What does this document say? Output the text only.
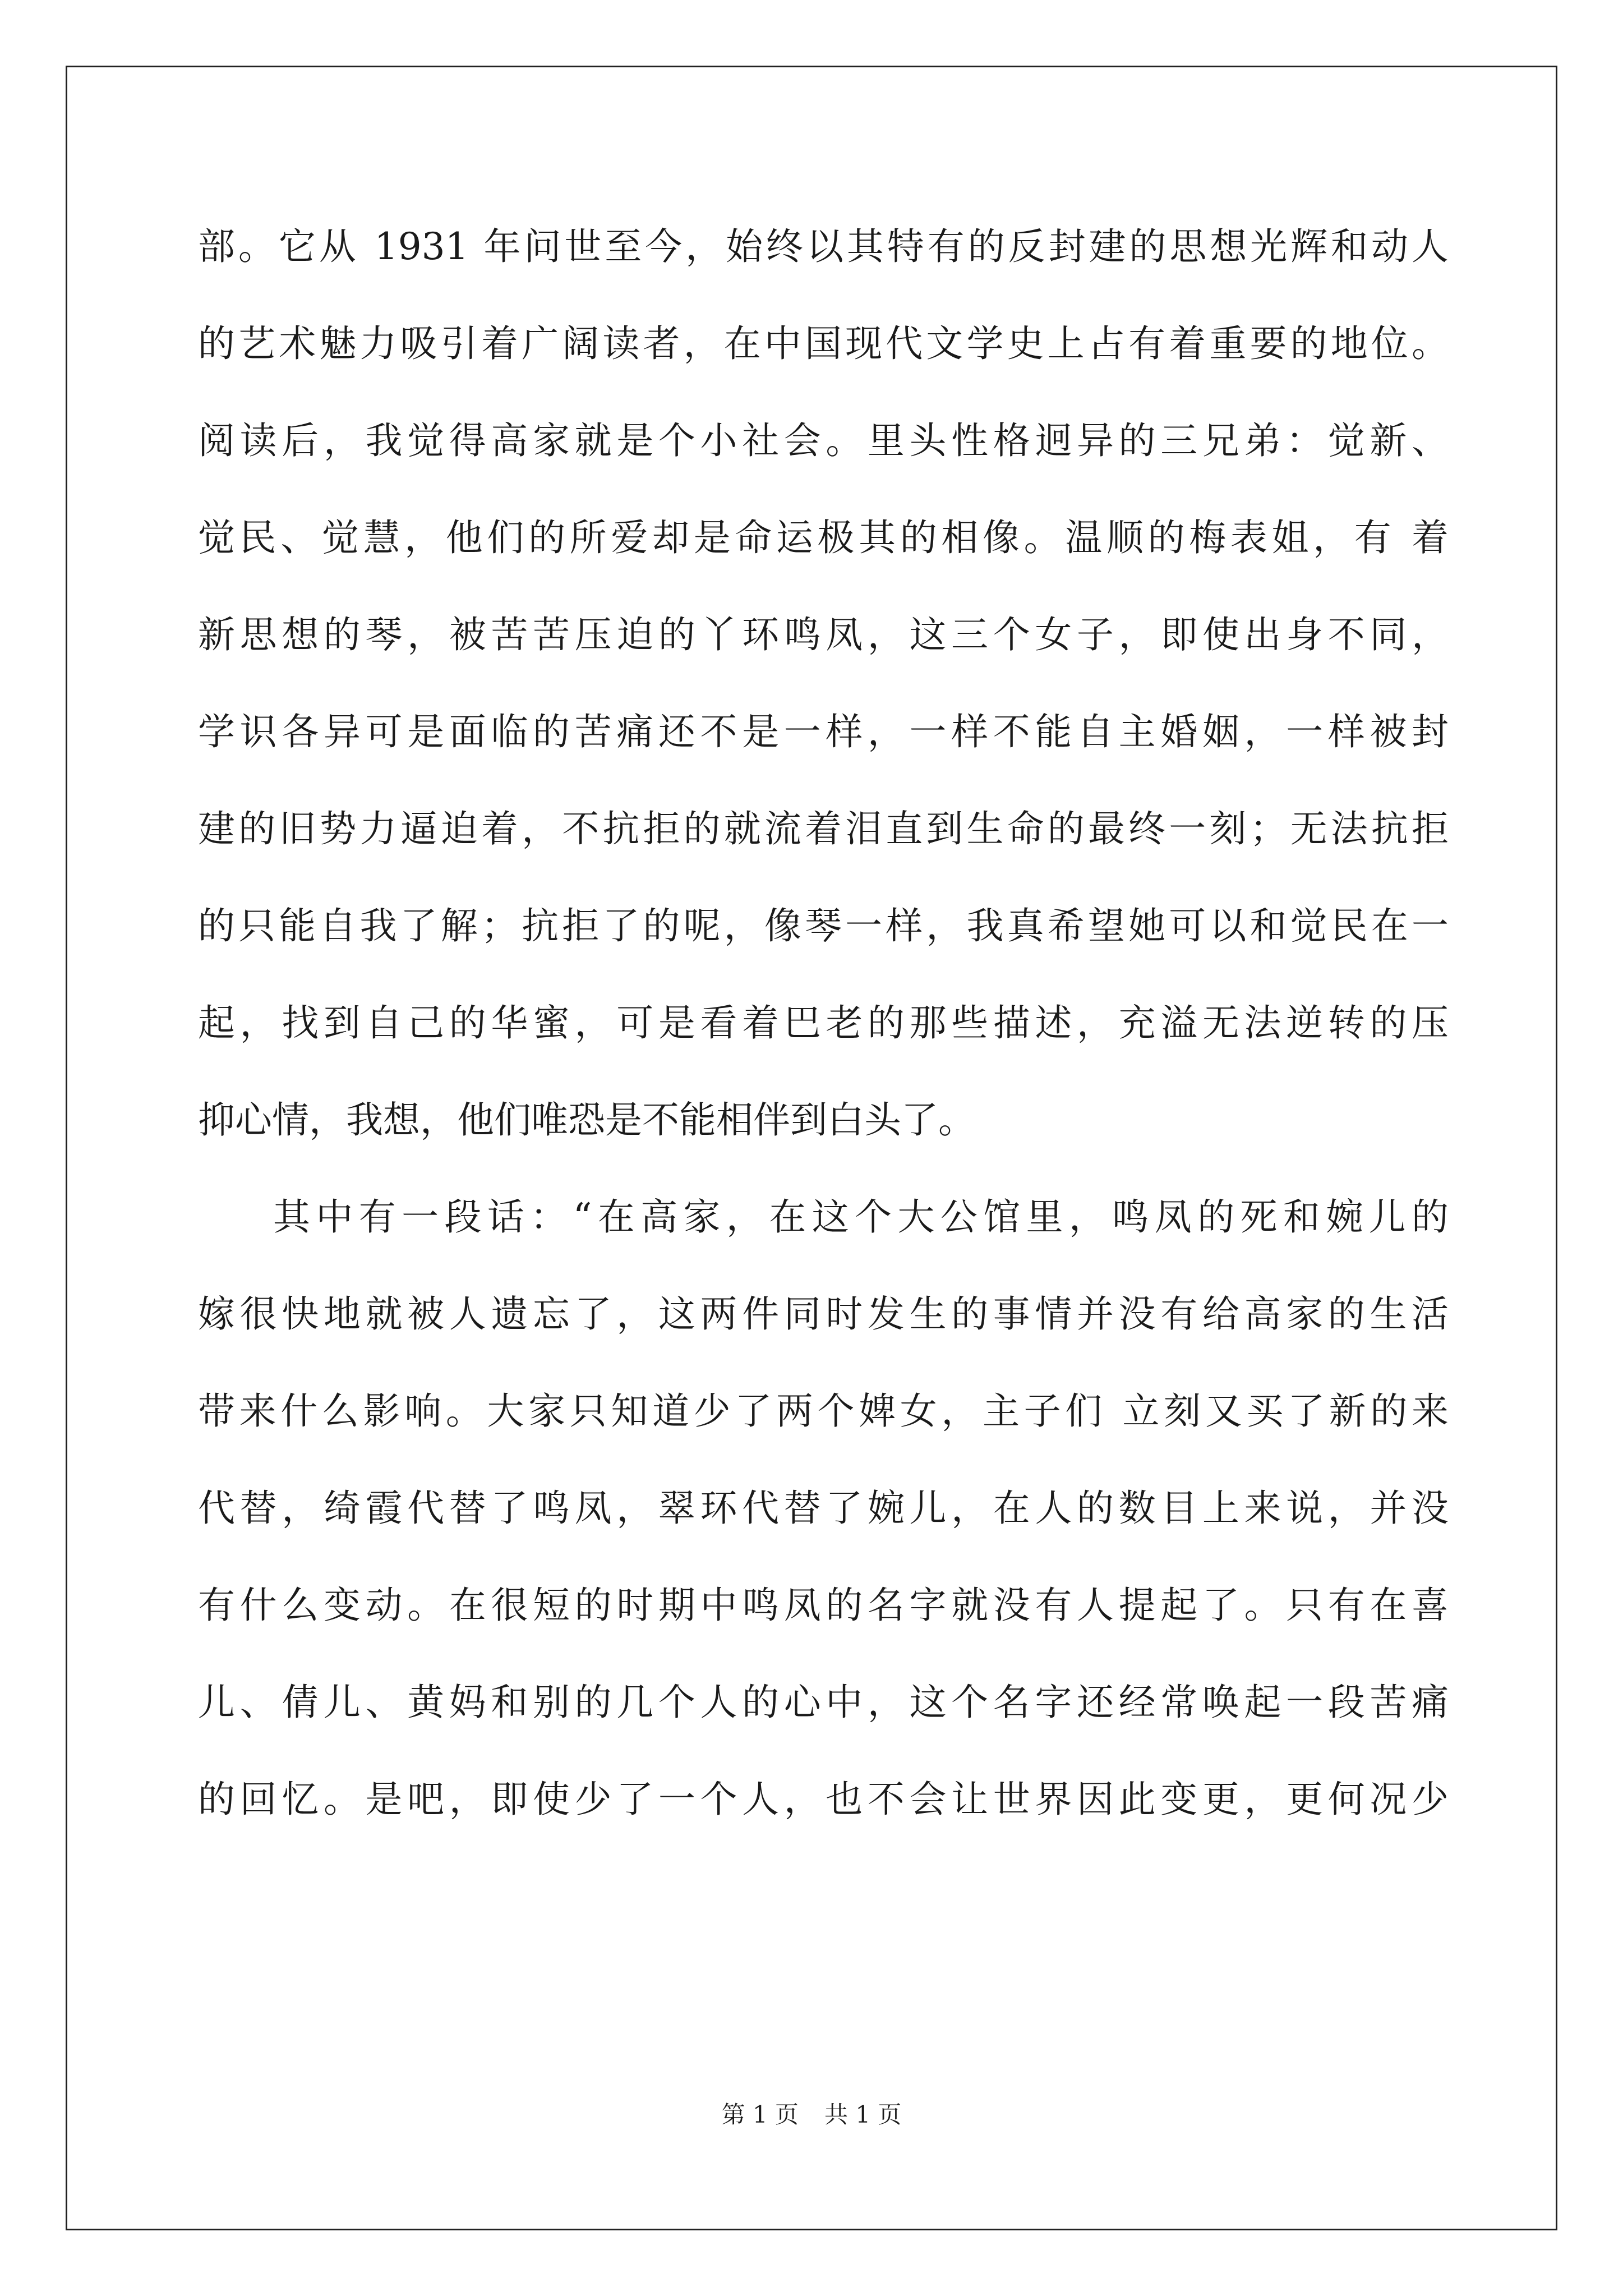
部。它从 1931 年问世至今，始终以其特有的反封建的思想光辉和动人
的艺术魅力吸引着广阔读者，在中国现代文学史上占有着重要的地位。
阅读后，我觉得高家就是个小社会。里头性格迥异的三兄弟：觉新、
觉民、觉慧，他们的所爱却是命运极其的相像。温顺的梅表姐，有 着
新思想的琴，被苦苦压迫的丫环鸣凤，这三个女子，即使出身不同，
学识各异可是面临的苦痛还不是一样，一样不能自主婚姻，一样被封
建的旧势力逼迫着，不抗拒的就流着泪直到生命的最终一刻；无法抗拒
的只能自我了解；抗拒了的呢，像琴一样，我真希望她可以和觉民在一
起，找到自己的华蜜，可是看着巴老的那些描述，充溢无法逆转的压
抑心情，我想，他们唯恐是不能相伴到白头了。
其中有一段话：“在高家，在这个大公馆里，鸣凤的死和婉儿的
嫁很快地就被人遗忘了，这两件同时发生的事情并没有给高家的生活
带来什么影响。大家只知道少了两个婢女，主子们 立刻又买了新的来
代替，绮霞代替了鸣凤，翠环代替了婉儿，在人的数目上来说，并没
有什么变动。在很短的时期中鸣凤的名字就没有人提起了。只有在喜
儿、倩儿、黄妈和别的几个人的心中，这个名字还经常唤起一段苦痛
的回忆。是吧，即使少了一个人，也不会让世界因此变更，更何况少
第 1 页 共 1 页
